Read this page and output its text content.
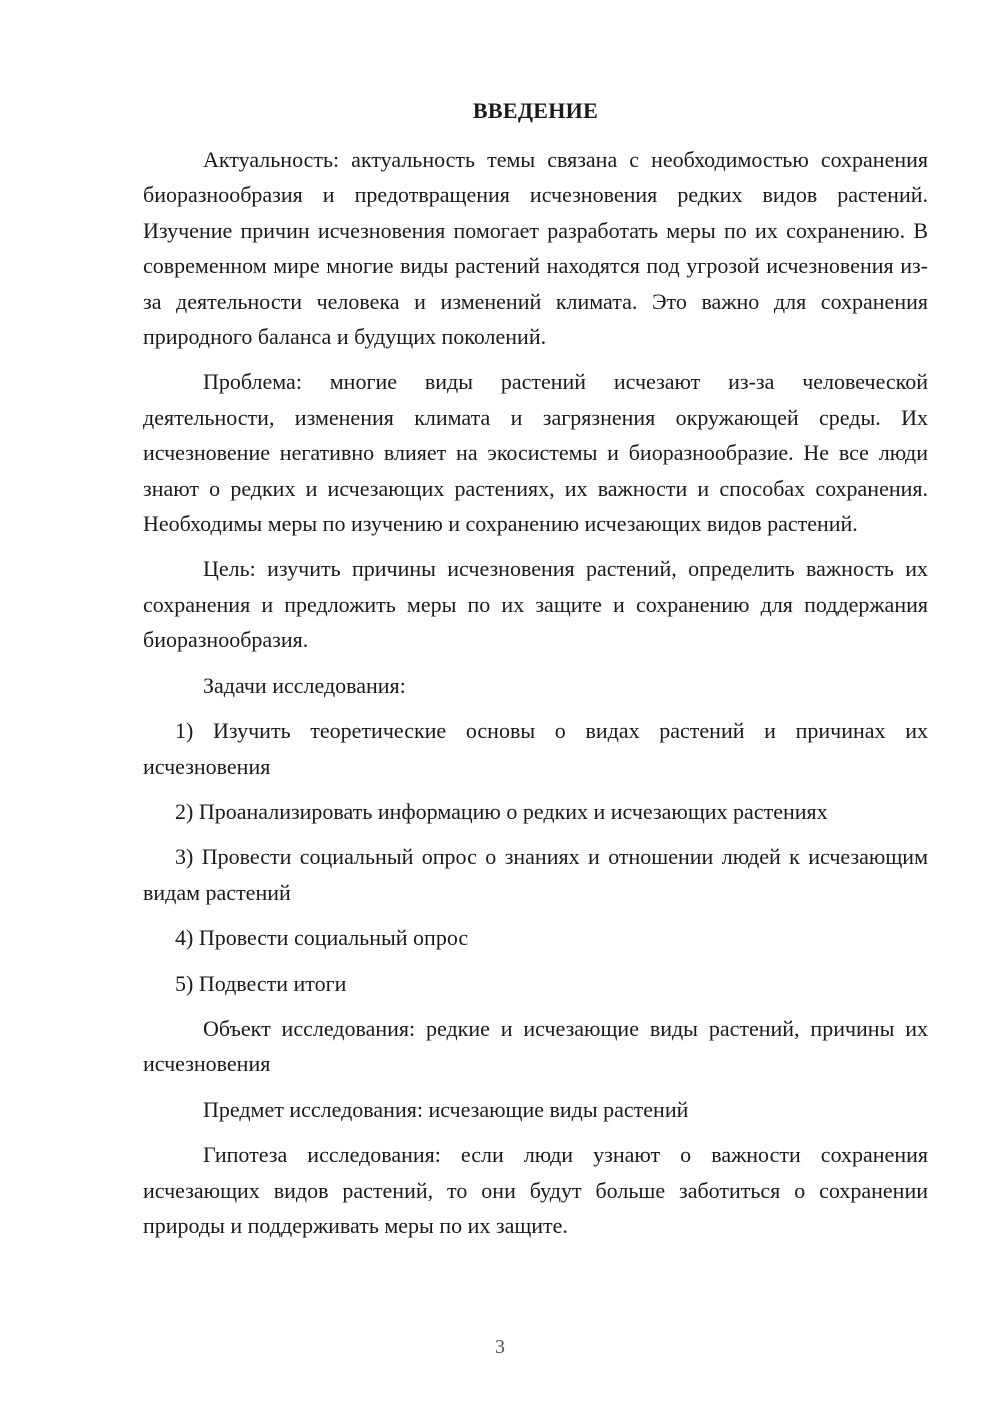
ВВЕДЕНИЕ

Актуальность: актуальность темы связана с необходимостью сохранения биоразнообразия и предотвращения исчезновения редких видов растений. Изучение причин исчезновения помогает разработать меры по их сохранению. В современном мире многие виды растений находятся под угрозой исчезновения из-за деятельности человека и изменений климата. Это важно для сохранения природного баланса и будущих поколений.

Проблема: многие виды растений исчезают из-за человеческой деятельности, изменения климата и загрязнения окружающей среды. Их исчезновение негативно влияет на экосистемы и биоразнообразие. Не все люди знают о редких и исчезающих растениях, их важности и способах сохранения. Необходимы меры по изучению и сохранению исчезающих видов растений.

Цель: изучить причины исчезновения растений, определить важность их сохранения и предложить меры по их защите и сохранению для поддержания биоразнообразия.

Задачи исследования:

1) Изучить теоретические основы о видах растений и причинах их исчезновения

2) Проанализировать информацию о редких и исчезающих растениях

3) Провести социальный опрос о знаниях и отношении людей к исчезающим видам растений

4) Провести социальный опрос

5) Подвести итоги

Объект исследования: редкие и исчезающие виды растений, причины их исчезновения

Предмет исследования: исчезающие виды растений

Гипотеза исследования: если люди узнают о важности сохранения исчезающих видов растений, то они будут больше заботиться о сохранении природы и поддерживать меры по их защите.

3
